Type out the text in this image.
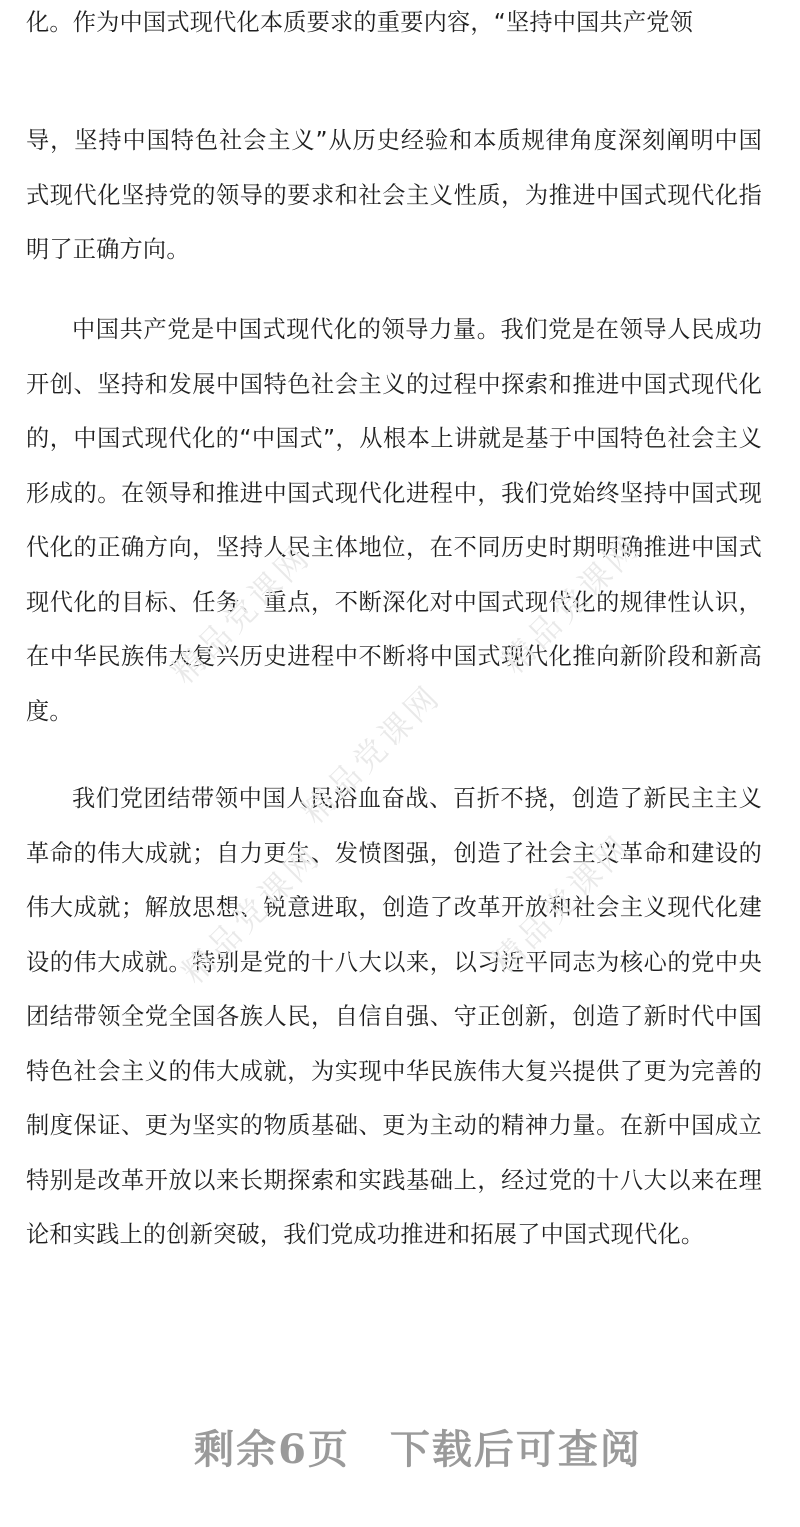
化。作为中国式现代化本质要求的重要内容，“坚持中国共产党领

导，坚持中国特色社会主义”从历史经验和本质规律角度深刻阐明中国式现代化坚持党的领导的要求和社会主义性质，为推进中国式现代化指明了正确方向。

中国共产党是中国式现代化的领导力量。我们党是在领导人民成功开创、坚持和发展中国特色社会主义的过程中探索和推进中国式现代化的，中国式现代化的“中国式”，从根本上讲就是基于中国特色社会主义形成的。在领导和推进中国式现代化进程中，我们党始终坚持中国式现代化的正确方向，坚持人民主体地位，在不同历史时期明确推进中国式现代化的目标、任务、重点，不断深化对中国式现代化的规律性认识，在中华民族伟大复兴历史进程中不断将中国式现代化推向新阶段和新高度。

我们党团结带领中国人民浴血奋战、百折不挠，创造了新民主主义革命的伟大成就；自力更生、发愤图强，创造了社会主义革命和建设的伟大成就；解放思想、锐意进取，创造了改革开放和社会主义现代化建设的伟大成就。特别是党的十八大以来，以习近平同志为核心的党中央团结带领全党全国各族人民，自信自强、守正创新，创造了新时代中国特色社会主义的伟大成就，为实现中华民族伟大复兴提供了更为完善的制度保证、更为坚实的物质基础、更为主动的精神力量。在新中国成立特别是改革开放以来长期探索和实践基础上，经过党的十八大以来在理论和实践上的创新突破，我们党成功推进和拓展了中国式现代化。

精品党课网	精品党课网
精品党课网
精品党课网	精品党课网
剩余6页 下载后可查阅
